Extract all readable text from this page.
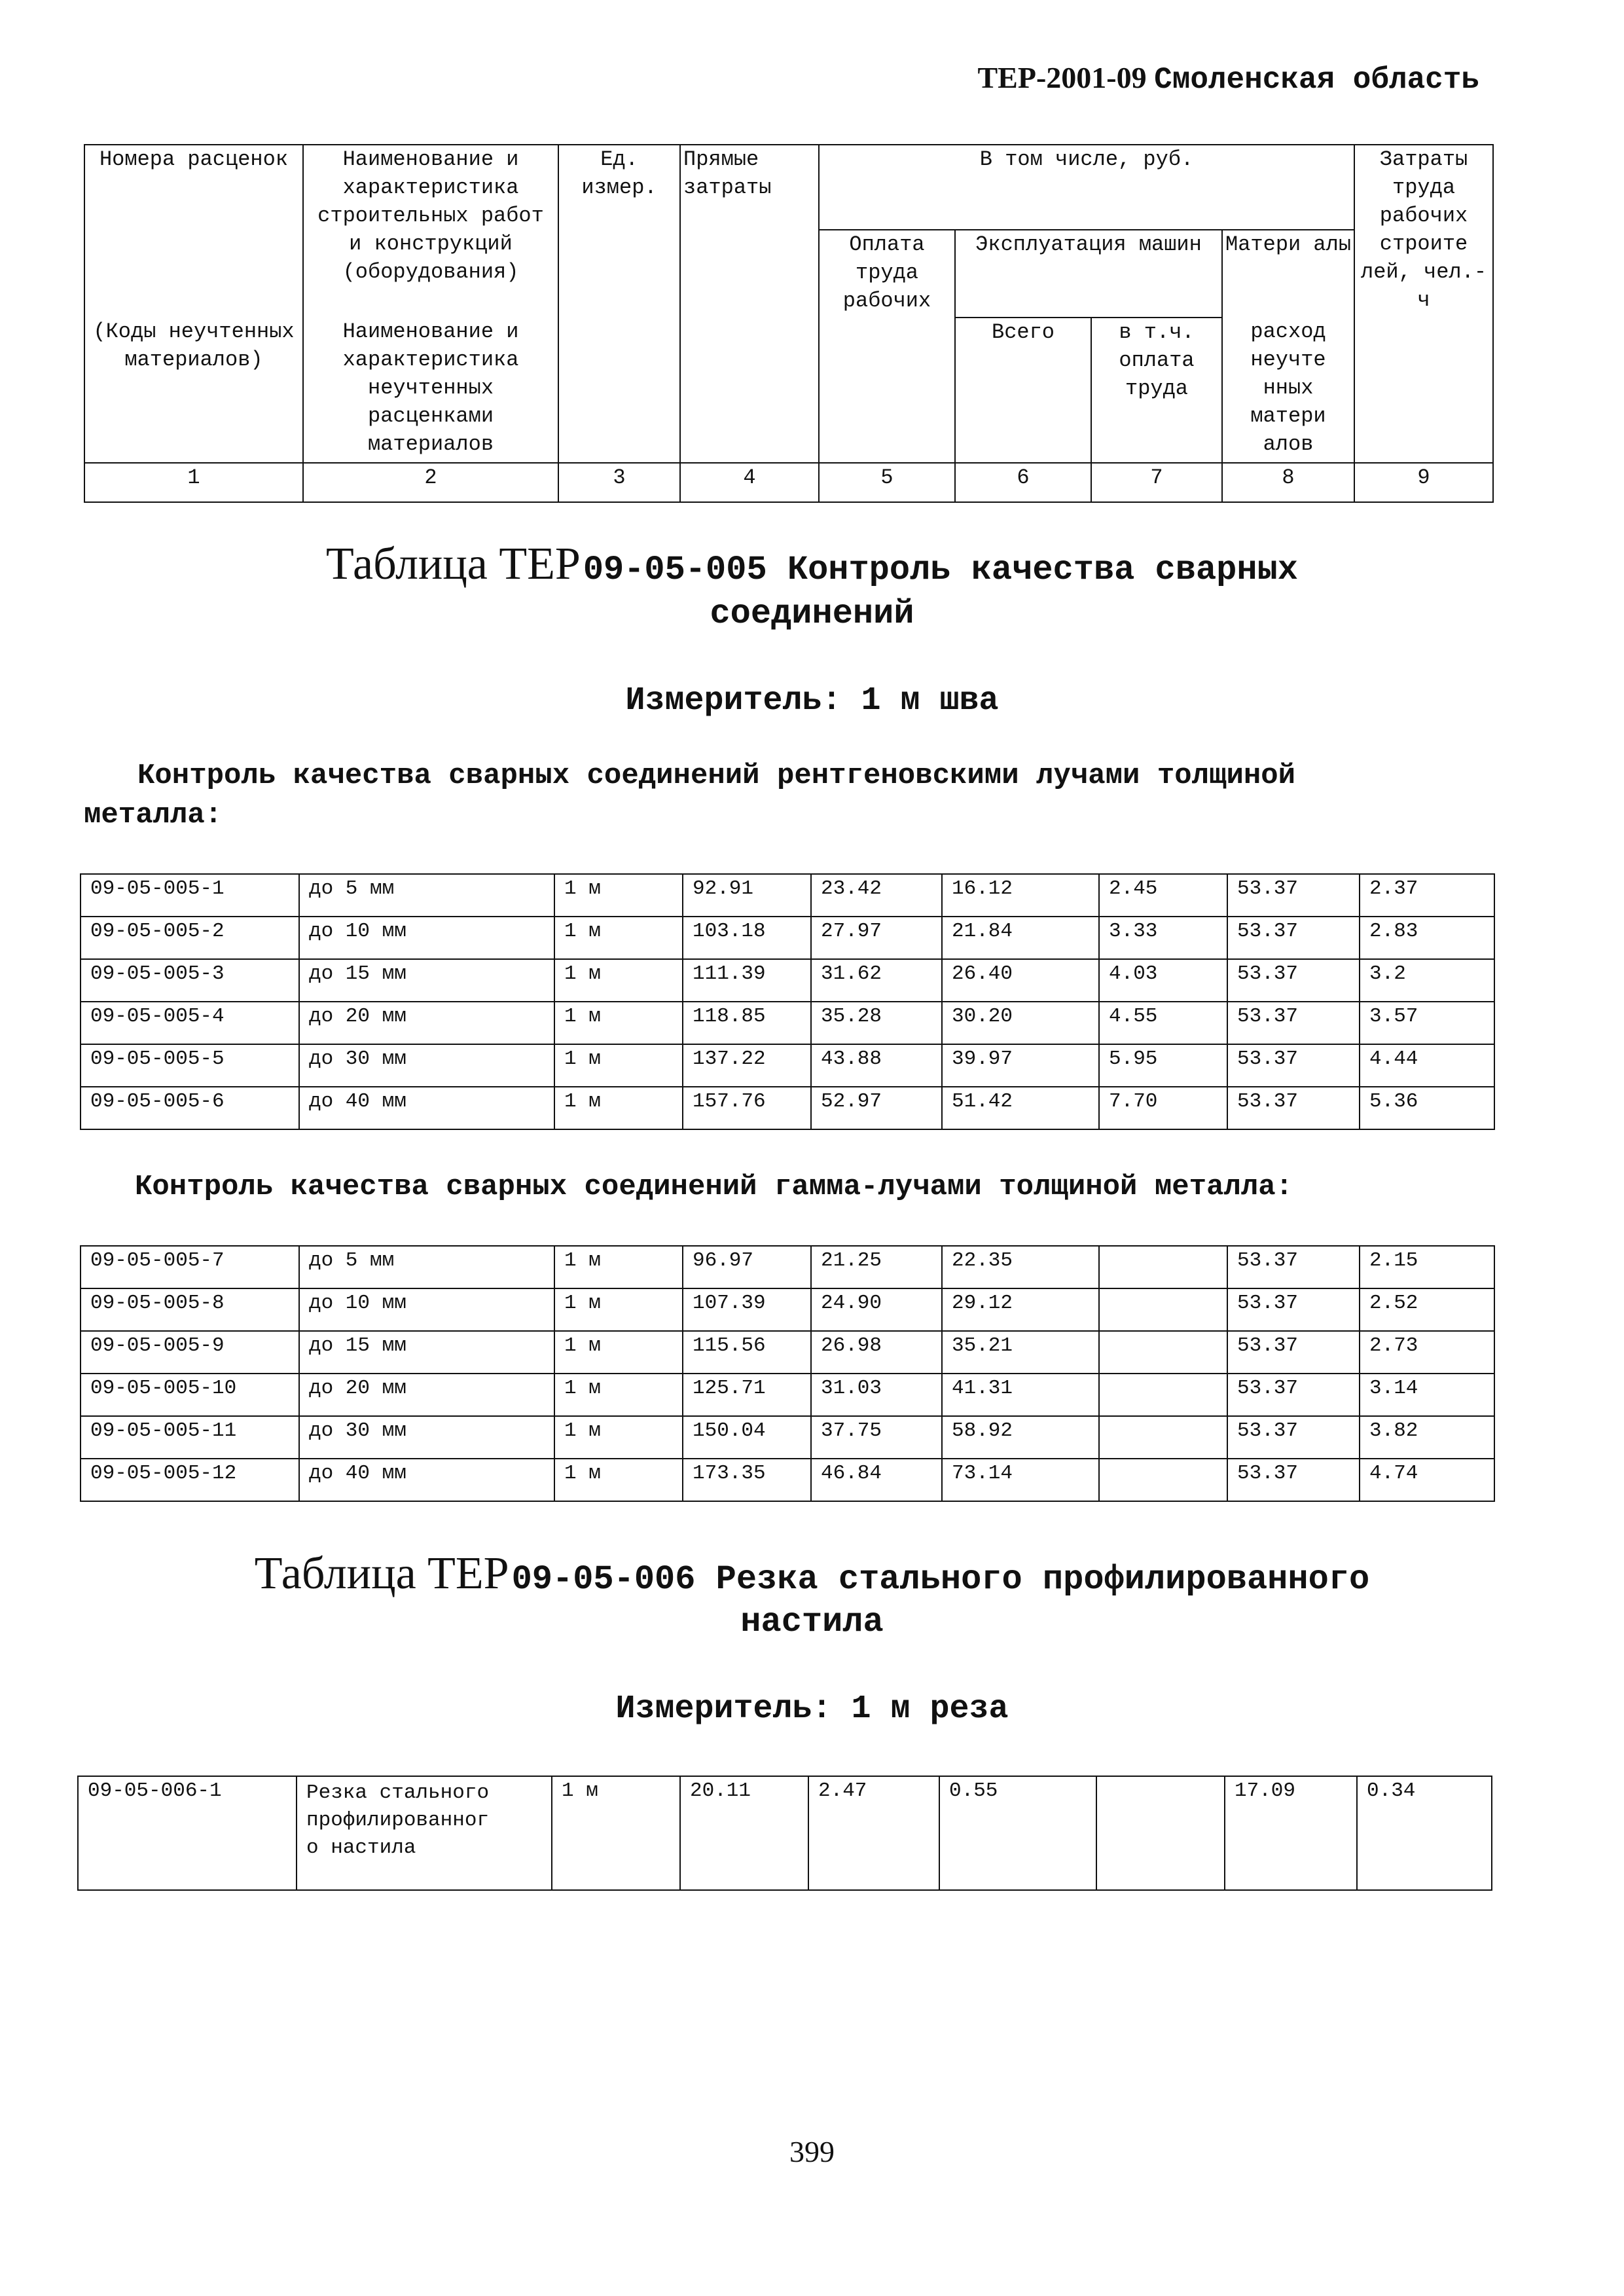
ТЕР-2001-09 Смоленская область
Номера расценок	Наименование и характеристика строительных работ и конструкций (оборудования)	Ед. измер.	Прямые затраты	В том числе, руб.				Затраты труда рабочих строите лей, чел.-ч
				Оплата труда рабочих	Эксплуатация машин		Матери алы	
(Коды неучтенных материалов)	Наименование и характеристика неучтенных расценками материалов				Всего	в т.ч. оплата труда	расход неучте нных матери алов	
1	2	3	4	5	6	7	8	9
Таблица ТЕР 09-05-005 Контроль качества сварных
соединений
Измеритель: 1 м шва
Контроль качества сварных соединений рентгеновскими лучами толщиной
металла:
09-05-005-1	до 5 мм	1 м	92.91	23.42	16.12	2.45	53.37	2.37
09-05-005-2	до 10 мм	1 м	103.18	27.97	21.84	3.33	53.37	2.83
09-05-005-3	до 15 мм	1 м	111.39	31.62	26.40	4.03	53.37	3.2
09-05-005-4	до 20 мм	1 м	118.85	35.28	30.20	4.55	53.37	3.57
09-05-005-5	до 30 мм	1 м	137.22	43.88	39.97	5.95	53.37	4.44
09-05-005-6	до 40 мм	1 м	157.76	52.97	51.42	7.70	53.37	5.36
Контроль качества сварных соединений гамма-лучами толщиной металла:
09-05-005-7	до 5 мм	1 м	96.97	21.25	22.35		53.37	2.15
09-05-005-8	до 10 мм	1 м	107.39	24.90	29.12		53.37	2.52
09-05-005-9	до 15 мм	1 м	115.56	26.98	35.21		53.37	2.73
09-05-005-10	до 20 мм	1 м	125.71	31.03	41.31		53.37	3.14
09-05-005-11	до 30 мм	1 м	150.04	37.75	58.92		53.37	3.82
09-05-005-12	до 40 мм	1 м	173.35	46.84	73.14		53.37	4.74
Таблица ТЕР 09-05-006 Резка стального профилированного
настила
Измеритель: 1 м реза
09-05-006-1	Резка стального
профилированног
о настила
	1 м	20.11	2.47	0.55		17.09	0.34
399
